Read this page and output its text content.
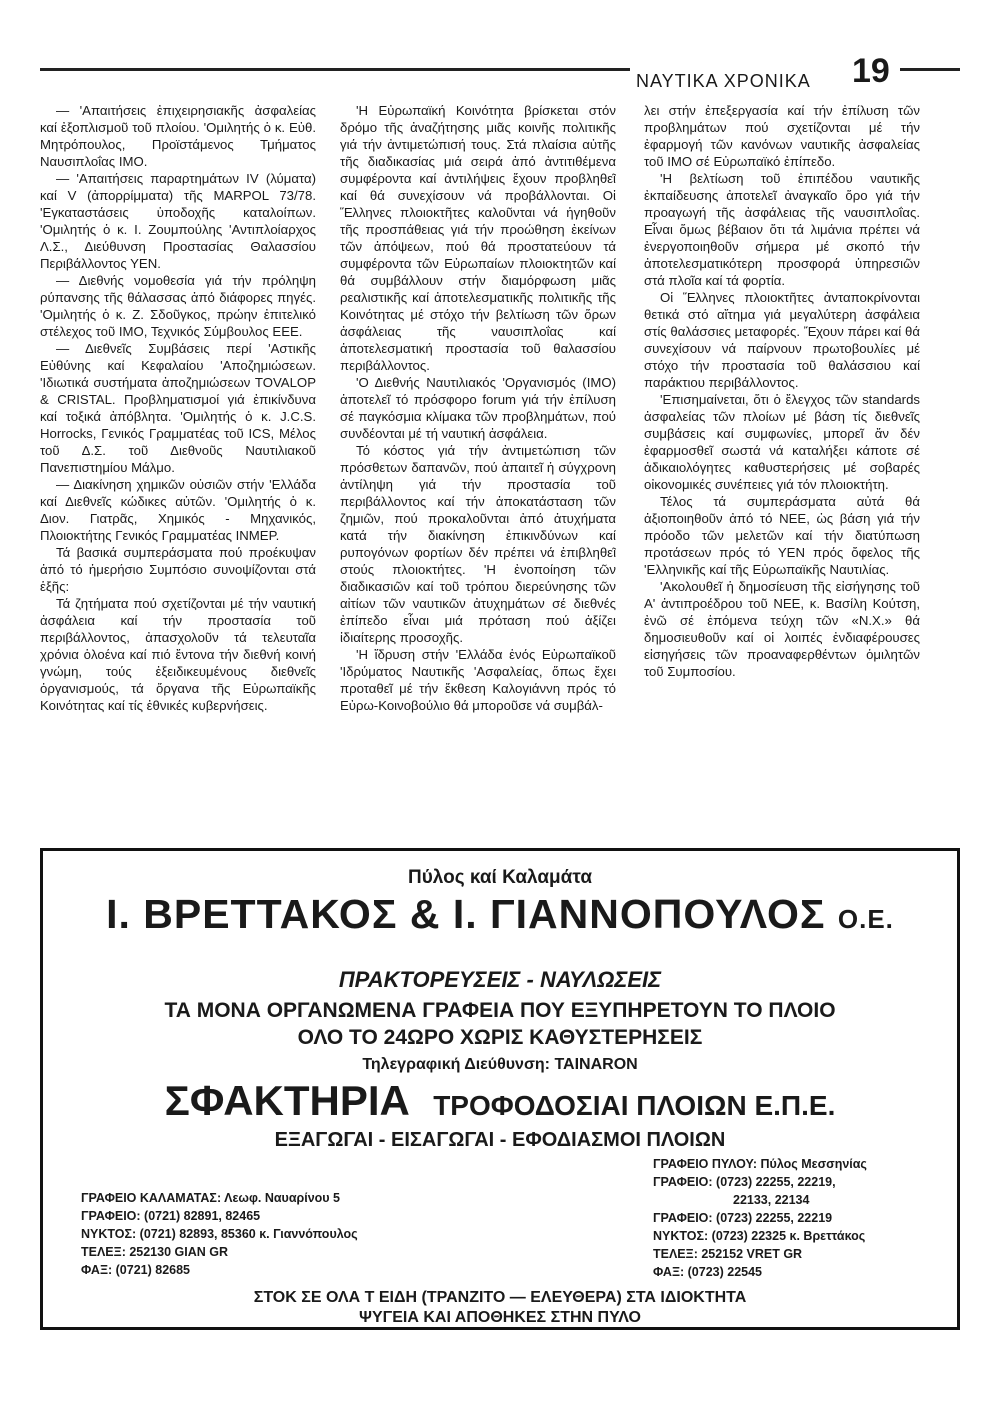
ΝΑΥΤΙΚΑ ΧΡΟΝΙΚΑ 19

— 'Απαιτήσεις ἐπιχειρησιακῆς ἀσφαλείας καί ἐξοπλισμοῦ τοῦ πλοίου. 'Ομιλητής ὁ κ. Εὐθ. Μητρόπουλος, Προϊστάμενος Τμήματος Ναυσιπλοΐας ΙΜΟ.

— 'Απαιτήσεις παραρτημάτων IV (λύματα) καί V (ἀπορρίμματα) τῆς MARPOL 73/78. 'Εγκαταστάσεις ὑποδοχῆς καταλοίπων. 'Ομιλητής ὁ κ. Ι. Ζουμπούλης 'Αντιπλοίαρχος Λ.Σ., Διεύθυνση Προστασίας Θαλασσίου Περιβάλλοντος ΥΕΝ.

— Διεθνής νομοθεσία γιά τήν πρόληψη ρύπανσης τῆς θάλασσας ἀπό διάφορες πηγές. 'Ομιλητής ὁ κ. Ζ. Σδοῦγκος, πρώην ἐπιτελικό στέλεχος τοῦ ΙΜΟ, Τεχνικός Σύμβουλος ΕΕΕ.

— Διεθνεῖς Συμβάσεις περί 'Αστικῆς Εὐθύνης καί Κεφαλαίου 'Αποζημιώσεων. 'Ιδιωτικά συστήματα ἀποζημιώσεων TOVALOP & CRISTAL. Προβληματισμοί γιά ἐπικίνδυνα καί τοξικά ἀπόβλητα. 'Ομιλητής ὁ κ. J.C.S. Horrocks, Γενικός Γραμματέας τοῦ ICS, Μέλος τοῦ Δ.Σ. τοῦ Διεθνοῦς Ναυτιλιακοῦ Πανεπιστημίου Μάλμο.

— Διακίνηση χημικῶν οὐσιῶν στήν 'Ελλάδα καί Διεθνεῖς κώδικες αὐτῶν. 'Ομιλητής ὁ κ. Διον. Γιατρᾶς, Χημικός - Μηχανικός, Πλοιοκτήτης Γενικός Γραμματέας INMEP.

Τά βασικά συμπεράσματα πού προέκυψαν ἀπό τό ἡμερήσιο Συμπόσιο συνοψίζονται στά ἑξῆς:

Τά ζητήματα πού σχετίζονται μέ τήν ναυτική ἀσφάλεια καί τήν προστασία τοῦ περιβάλλοντος, ἀπασχολοῦν τά τελευταῖα χρόνια ὁλοένα καί πιό ἔντονα τήν διεθνή κοινή γνώμη, τούς ἐξειδικευμένους διεθνεῖς ὀργανισμούς, τά ὄργανα τῆς Εὐρωπαϊκῆς Κοινότητας καί τίς ἐθνικές κυβερνήσεις.

'Η Εὐρωπαϊκή Κοινότητα βρίσκεται στόν δρόμο τῆς ἀναζήτησης μιᾶς κοινῆς πολιτικῆς γιά τήν ἀντιμετώπισή τους. Στά πλαίσια αὐτῆς τῆς διαδικασίας μιά σειρά ἀπό ἀντιτιθέμενα συμφέροντα καί ἀντιλήψεις ἔχουν προβληθεῖ καί θά συνεχίσουν νά προβάλλονται. Οἱ Ἕλληνες πλοιοκτῆτες καλοῦνται νά ἡγηθοῦν τῆς προσπάθειας γιά τήν προώθηση ἐκείνων τῶν ἀπόψεων, πού θά προστατεύουν τά συμφέροντα τῶν Εὐρωπαίων πλοιοκτητῶν καί θά συμβάλλουν στήν διαμόρφωση μιᾶς ρεαλιστικῆς καί ἀποτελεσματικῆς πολιτικῆς τῆς Κοινότητας μέ στόχο τήν βελτίωση τῶν ὅρων ἀσφάλειας τῆς ναυσιπλοΐας καί ἀποτελεσματική προστασία τοῦ θαλασσίου περιβάλλοντος.

'Ο Διεθνής Ναυτιλιακός 'Οργανισμός (ΙΜΟ) ἀποτελεῖ τό πρόσφορο forum γιά τήν ἐπίλυση σέ παγκόσμια κλίμακα τῶν προβλημάτων, πού συνδέονται μέ τή ναυτική ἀσφάλεια.

Τό κόστος γιά τήν ἀντιμετώπιση τῶν πρόσθετων δαπανῶν, πού ἀπαιτεῖ ἡ σύγχρονη ἀντίληψη γιά τήν προστασία τοῦ περιβάλλοντος καί τήν ἀποκατάσταση τῶν ζημιῶν, πού προκαλοῦνται ἀπό ἀτυχήματα κατά τήν διακίνηση ἐπικινδύνων καί ρυπογόνων φορτίων δέν πρέπει νά ἐπιβληθεῖ στούς πλοιοκτήτες. 'Η ἐνοποίηση τῶν διαδικασιῶν καί τοῦ τρόπου διερεύνησης τῶν αἰτίων τῶν ναυτικῶν ἀτυχημάτων σέ διεθνές ἐπίπεδο εἶναι μιά πρόταση πού ἀξίζει ἰδιαίτερης προσοχῆς.

'Η ἵδρυση στήν 'Ελλάδα ἑνός Εὐρωπαϊκοῦ 'Ιδρύματος Ναυτικῆς 'Ασφαλείας, ὅπως ἔχει προταθεῖ μέ τήν ἔκθεση Καλογιάννη πρός τό Εὐρω-Κοινοβούλιο θά μποροῦσε νά συμβάλ-

λει στήν ἐπεξεργασία καί τήν ἐπίλυση τῶν προβλημάτων πού σχετίζονται μέ τήν ἐφαρμογή τῶν κανόνων ναυτικῆς ἀσφαλείας τοῦ ΙΜΟ σέ Εὐρωπαϊκό ἐπίπεδο.

'Η βελτίωση τοῦ ἐπιπέδου ναυτικῆς ἐκπαίδευσης ἀποτελεῖ ἀναγκαῖο ὅρο γιά τήν προαγωγή τῆς ἀσφάλειας τῆς ναυσιπλοΐας. Εἶναι ὅμως βέβαιον ὅτι τά λιμάνια πρέπει νά ἐνεργοποιηθοῦν σήμερα μέ σκοπό τήν ἀποτελεσματικότερη προσφορά ὑπηρεσιῶν στά πλοῖα καί τά φορτία.

Οἱ Ἕλληνες πλοιοκτῆτες ἀνταποκρίνονται θετικά στό αἴτημα γιά μεγαλύτερη ἀσφάλεια στίς θαλάσσιες μεταφορές. Ἔχουν πάρει καί θά συνεχίσουν νά παίρνουν πρωτοβουλίες μέ στόχο τήν προστασία τοῦ θαλάσσιου καί παράκτιου περιβάλλοντος.

'Επισημαίνεται, ὅτι ὁ ἔλεγχος τῶν standards ἀσφαλείας τῶν πλοίων μέ βάση τίς διεθνεῖς συμβάσεις καί συμφωνίες, μπορεῖ ἄν δέν ἐφαρμοσθεῖ σωστά νά καταλήξει κάποτε σέ ἀδικαιολόγητες καθυστερήσεις μέ σοβαρές οἰκονομικές συνέπειες γιά τόν πλοιοκτήτη.

Τέλος τά συμπεράσματα αὐτά θά ἀξιοποιηθοῦν ἀπό τό ΝΕΕ, ὡς βάση γιά τήν πρόοδο τῶν μελετῶν καί τήν διατύπωση προτάσεων πρός τό ΥΕΝ πρός ὄφελος τῆς 'Ελληνικῆς καί τῆς Εὐρωπαϊκῆς Ναυτιλίας.

'Ακολουθεῖ ἡ δημοσίευση τῆς εἰσήγησης τοῦ Α' ἀντιπροέδρου τοῦ ΝΕΕ, κ. Βασίλη Κούτση, ἐνῶ σέ ἑπόμενα τεύχη τῶν «Ν.Χ.» θά δημοσιευθοῦν καί οἱ λοιπές ἐνδιαφέρουσες εἰσηγήσεις τῶν προαναφερθέντων ὁμιλητῶν τοῦ Συμποσίου.

Πύλος καί Καλαμάτα
Ι. ΒΡΕΤΤΑΚΟΣ & Ι. ΓΙΑΝΝΟΠΟΥΛΟΣ Ο.Ε.
ΠΡΑΚΤΟΡΕΥΣΕΙΣ - ΝΑΥΛΩΣΕΙΣ
ΤΑ ΜΟΝΑ ΟΡΓΑΝΩΜΕΝΑ ΓΡΑΦΕΙΑ ΠΟΥ ΕΞΥΠΗΡΕΤΟΥΝ ΤΟ ΠΛΟΙΟ
ΟΛΟ ΤΟ 24ΩΡΟ ΧΩΡΙΣ ΚΑΘΥΣΤΕΡΗΣΕΙΣ
Τηλεγραφική Διεύθυνση: TAINARON
ΣΦΑΚΤΗΡΙΑ ΤΡΟΦΟΔΟΣΙΑΙ ΠΛΟΙΩΝ Ε.Π.Ε.
ΕΞΑΓΩΓΑΙ - ΕΙΣΑΓΩΓΑΙ - ΕΦΟΔΙΑΣΜΟΙ ΠΛΟΙΩΝ
ΓΡΑΦΕΙΟ ΚΑΛΑΜΑΤΑΣ: Λεωφ. Ναυαρίνου 5
ΓΡΑΦΕΙΟ: (0721) 82891, 82465
ΝΥΚΤΟΣ: (0721) 82893, 85360 κ. Γιαννόπουλος
ΤΕΛΕΞ: 252130 GIAN GR
ΦΑΞ: (0721) 82685
ΓΡΑΦΕΙΟ ΠΥΛΟΥ: Πύλος Μεσσηνίας
ΓΡΑΦΕΙΟ: (0723) 22255, 22219,
22133, 22134
ΓΡΑΦΕΙΟ: (0723) 22255, 22219
ΝΥΚΤΟΣ: (0723) 22325 κ. Βρεττάκος
ΤΕΛΕΞ: 252152 VRET GR
ΦΑΞ: (0723) 22545
ΣΤΟΚ ΣΕ ΟΛΑ Τ ΕΙΔΗ (ΤΡΑΝΖΙΤΟ — ΕΛΕΥΘΕΡΑ) ΣΤΑ ΙΔΙΟΚΤΗΤΑ
ΨΥΓΕΙΑ ΚΑΙ ΑΠΟΘΗΚΕΣ ΣΤΗΝ ΠΥΛΟ
